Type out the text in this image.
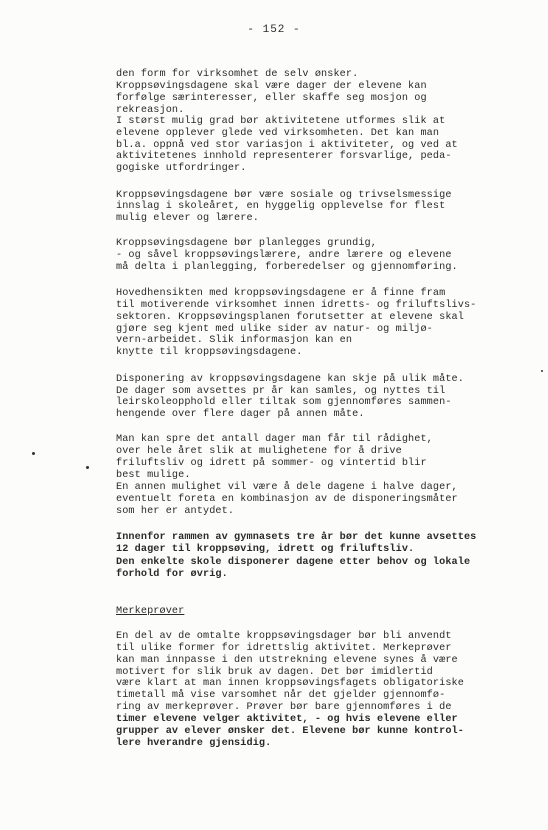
- 152 -
den form for virksomhet de selv ønsker.
Kroppsøvingsdagene skal være dager der elevene kan
forfølge særinteresser, eller skaffe seg mosjon og
rekreasjon.
I størst mulig grad bør aktivitetene utformes slik at
elevene opplever glede ved virksomheten. Det kan man
bl.a. oppnå ved stor variasjon i aktiviteter, og ved at
aktivitetenes innhold representerer forsvarlige, peda-
gogiske utfordringer.
Kroppsøvingsdagene bør være sosiale og trivselsmessige
innslag i skoleåret, en hyggelig opplevelse for flest
mulig elever og lærere.
Kroppsøvingsdagene bør planlegges grundig,
- og såvel kroppsøvingslærere, andre lærere og elevene
må delta i planlegging, forberedelser og gjennomføring.
Hovedhensikten med kroppsøvingsdagene er å finne fram
til motiverende virksomhet innen idretts- og friluftslivs-
sektoren. Kroppsøvingsplanen forutsetter at elevene skal
gjøre seg kjent med ulike sider av natur- og miljø-
vern-arbeidet. Slik informasjon kan en
knytte til kroppsøvingsdagene.
Disponering av kroppsøvingsdagene kan skje på ulik måte.
De dager som avsettes pr år kan samles, og nyttes til
leirskoleopphold eller tiltak som gjennomføres sammen-
hengende over flere dager på annen måte.
Man kan spre det antall dager man får til rådighet,
over hele året slik at mulighetene for å drive
friluftsliv og idrett på sommer- og vintertid blir
best mulige.
En annen mulighet vil være å dele dagene i halve dager,
eventuelt foreta en kombinasjon av de disponeringsmåter
som her er antydet.
Innenfor rammen av gymnasets tre år bør det kunne avsettes
12 dager til kroppsøving, idrett og friluftsliv.
Den enkelte skole disponerer dagene etter behov og lokale
forhold for øvrig.
Merkeprøver
En del av de omtalte kroppsøvingsdager bør bli anvendt
til ulike former for idrettslig aktivitet. Merkeprøver
kan man innpasse i den utstrekning elevene synes å være
motivert for slik bruk av dagen. Det bør imidlertid
være klart at man innen kroppsøvingsfagets obligatoriske
timetall må vise varsomhet når det gjelder gjennomfø-
ring av merkeprøver. Prøver bør bare gjennomføres i de
timer elevene velger aktivitet, - og hvis elevene eller
grupper av elever ønsker det. Elevene bør kunne kontrol-
lere hverandre gjensidig.
